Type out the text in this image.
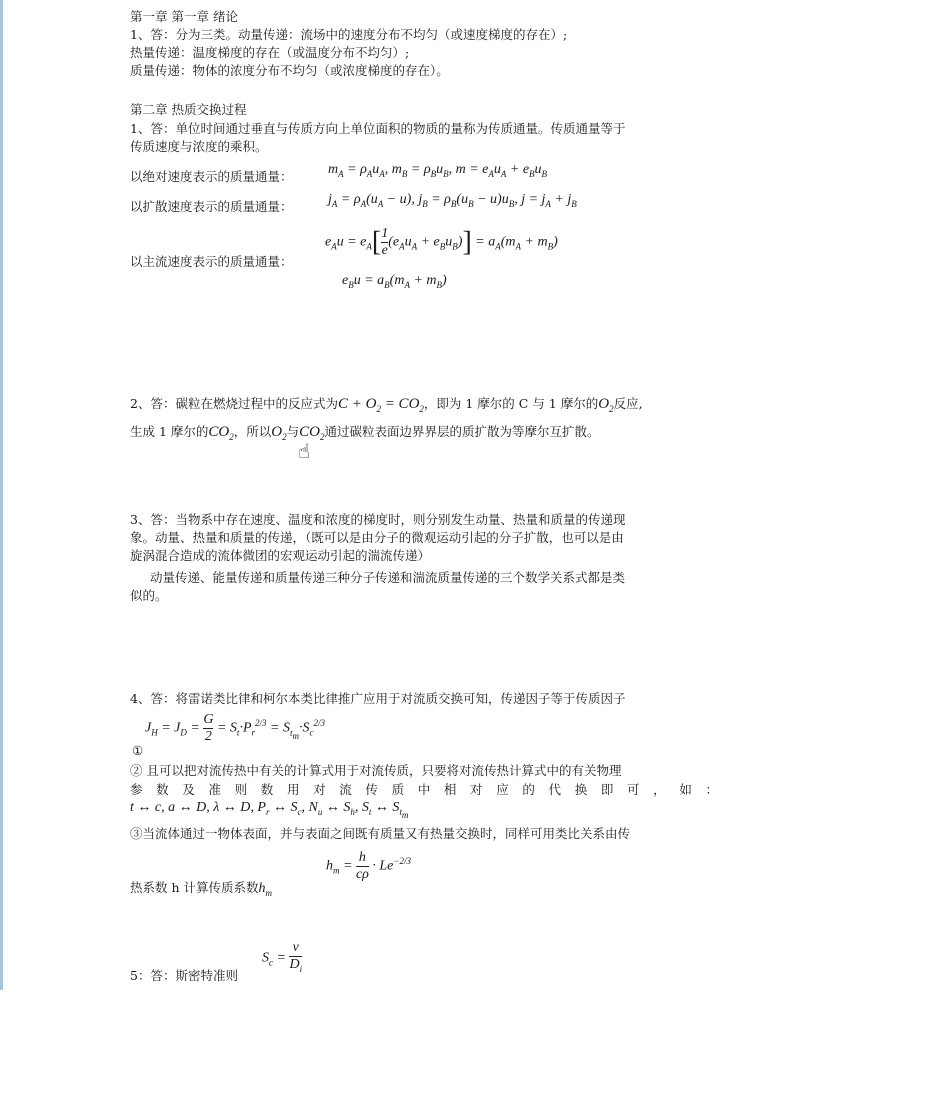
第一章 第一章 绪论
1、答：分为三类。动量传递：流场中的速度分布不均匀（或速度梯度的存在）;
热量传递：温度梯度的存在（或温度分布不均匀）;
质量传递：物体的浓度分布不均匀（或浓度梯度的存在）。
第二章 热质交换过程
1、答：单位时间通过垂直与传质方向上单位面积的物质的量称为传质通量。传质通量等于
传质速度与浓度的乘积。
以绝对速度表示的质量通量：	$m_A = \rho_Au_A$, $m_B = \rho_Bu_B$, $m = e_Au_A + e_Bu_B$
以扩散速度表示的质量通量：	$j_A = \rho_A(u_A - u)$, $j_B = \rho_B(u_B - u)u_B$, $j = j_A + j_B$
以主流速度表示的质量通量：
$e_Au = e_A[ \frac{1}{e} (e_Au_A + e_Bu_B)] = a_A(m_A + m_B)$
$e_Bu = a_B(m_A + m_B)$
2、答：碳粒在燃烧过程中的反应式为$C + O_2 = CO_2$，即为 1 摩尔的 C 与 1 摩尔的$O_2$反应,
生成 1 摩尔的$CO_2$，所以$O_2$与$CO_2$通过碳粒表面边界界层的质扩散为等摩尔互扩散。
☝
3、答：当物系中存在速度、温度和浓度的梯度时，则分别发生动量、热量和质量的传递现
象。动量、热量和质量的传递，（既可以是由分子的微观运动引起的分子扩散，也可以是由
旋涡混合造成的流体微团的宏观运动引起的湍流传递）
动量传递、能量传递和质量传递三种分子传递和湍流质量传递的三个数学关系式都是类
似的。
4、答：将雷诺类比律和柯尔本类比律推广应用于对流质交换可知，传递因子等于传质因子
$J_H = J_D = \frac{G}{2} = S_t\cdot P_r^{2/3} = S_{t_m}\cdot S_c^{2/3}$
①
② 且可以把对流传热中有关的计算式用于对流传质，只要将对流传热计算式中的有关物理
参数及准则数用对流传质中相对应的代换即可，如：
t ↔ c, a ↔ D, λ ↔ D, $P_r$ ↔ $S_c$, $N_u$ ↔ $S_h$, $S_t$ ↔ $S_{t_m}$
③当流体通过一物体表面，并与表面之间既有质量又有热量交换时，同样可用类比关系由传
$h_m = \frac{h}{c\rho} \cdot Le^{-2/3}$
热系数 h 计算传质系数$h_m$
$S_c = \frac{\nu}{D_i}$
5：答：斯密特准则
